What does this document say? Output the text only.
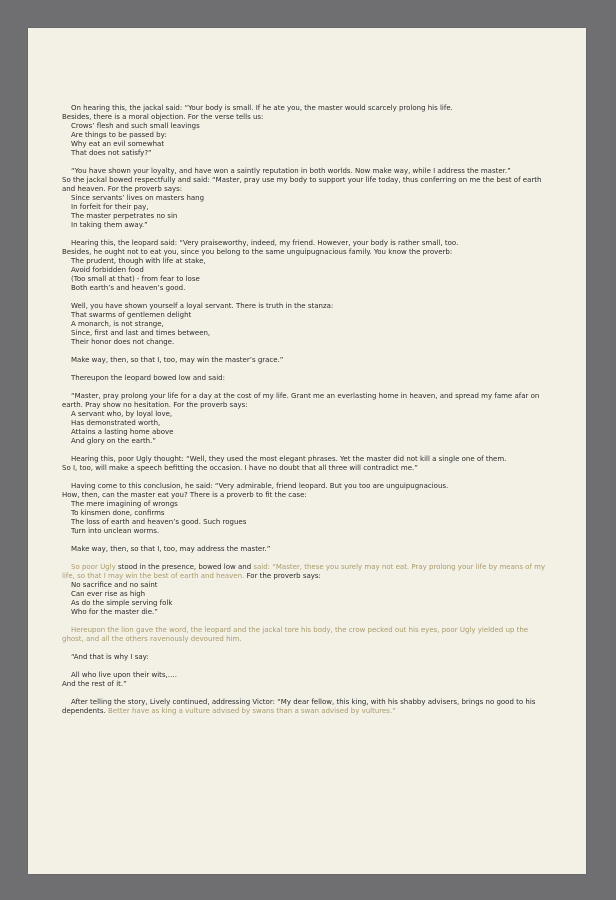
On hearing this, the jackal said: “Your body is small. If he ate you, the master would scarcely prolong his life.
Besides, there is a moral objection. For the verse tells us:
Crows’ flesh and such small leavings
Are things to be passed by:
Why eat an evil somewhat
That does not satisfy?”
“You have shown your loyalty, and have won a saintly reputation in both worlds. Now make way, while I address the master.”
So the jackal bowed respectfully and said: “Master, pray use my body to support your life today, thus conferring on me the best of earth
and heaven. For the proverb says:
Since servants’ lives on masters hang
In forfeit for their pay,
The master perpetrates no sin
In taking them away.”
Hearing this, the leopard said: “Very praiseworthy, indeed, my friend. However, your body is rather small, too.
Besides, he ought not to eat you, since you belong to the same unguipugnacious family. You know the proverb:
The prudent, though with life at stake,
Avoid forbidden food
(Too small at that) - from fear to lose
Both earth’s and heaven’s good.
Well, you have shown yourself a loyal servant. There is truth in the stanza:
That swarms of gentlemen delight
A monarch, is not strange,
Since, first and last and times between,
Their honor does not change.
Make way, then, so that I, too, may win the master’s grace.”
Thereupon the leopard bowed low and said:
“Master, pray prolong your life for a day at the cost of my life. Grant me an everlasting home in heaven, and spread my fame afar on
earth. Pray show no hesitation. For the proverb says:
A servant who, by loyal love,
Has demonstrated worth,
Attains a lasting home above
And glory on the earth.”
Hearing this, poor Ugly thought: “Well, they used the most elegant phrases. Yet the master did not kill a single one of them.
So I, too, will make a speech befitting the occasion. I have no doubt that all three will contradict me.”
Having come to this conclusion, he said: “Very admirable, friend leopard. But you too are unguipugnacious.
How, then, can the master eat you? There is a proverb to fit the case:
The mere imagining of wrongs
To kinsmen done, confirms
The loss of earth and heaven’s good. Such rogues
Turn into unclean worms.
Make way, then, so that I, too, may address the master.”
So poor Ugly stood in the presence, bowed low and said: “Master, these you surely may not eat. Pray prolong your life by means of my
life, so that I may win the best of earth and heaven. For the proverb says:
No sacrifice and no saint
Can ever rise as high
As do the simple serving folk
Who for the master die.”
Hereupon the lion gave the word, the leopard and the jackal tore his body, the crow pecked out his eyes, poor Ugly yielded up the
ghost, and all the others ravenously devoured him.
“And that is why I say:
All who live upon their wits,….
And the rest of it.”
After telling the story, Lively continued, addressing Victor: “My dear fellow, this king, with his shabby advisers, brings no good to his
dependents. Better have as king a vulture advised by swans than a swan advised by vultures.”
